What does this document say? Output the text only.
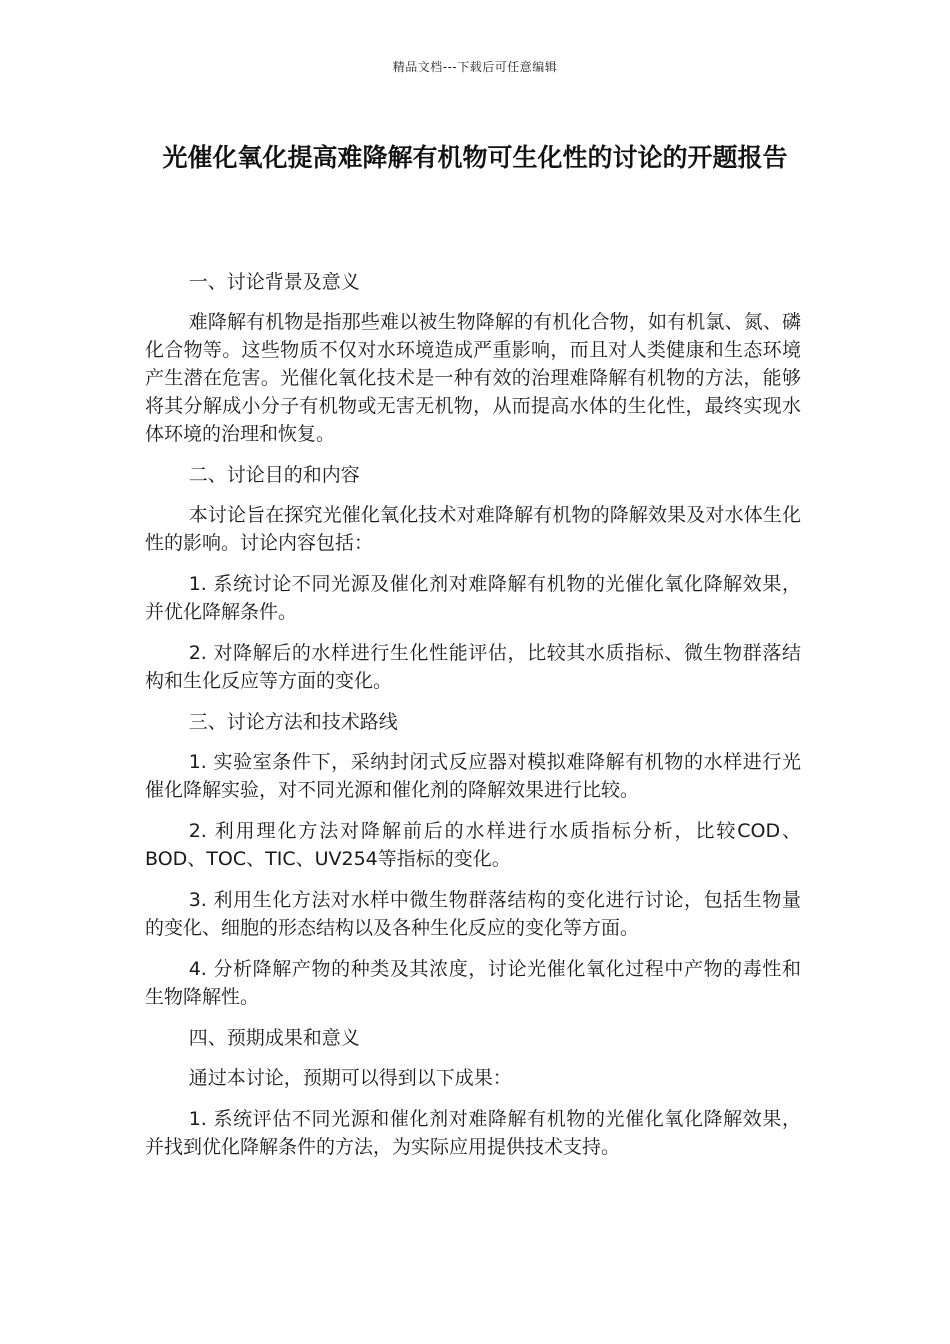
精品文档---下载后可任意编辑
光催化氧化提高难降解有机物可生化性的讨论的开题报告

一、讨论背景及意义

难降解有机物是指那些难以被生物降解的有机化合物，如有机氯、氮、磷化合物等。这些物质不仅对水环境造成严重影响，而且对人类健康和生态环境产生潜在危害。光催化氧化技术是一种有效的治理难降解有机物的方法，能够将其分解成小分子有机物或无害无机物，从而提高水体的生化性，最终实现水体环境的治理和恢复。

二、讨论目的和内容

本讨论旨在探究光催化氧化技术对难降解有机物的降解效果及对水体生化性的影响。讨论内容包括：

1. 系统讨论不同光源及催化剂对难降解有机物的光催化氧化降解效果，并优化降解条件。

2. 对降解后的水样进行生化性能评估，比较其水质指标、微生物群落结构和生化反应等方面的变化。

三、讨论方法和技术路线

1. 实验室条件下，采纳封闭式反应器对模拟难降解有机物的水样进行光催化降解实验，对不同光源和催化剂的降解效果进行比较。

2. 利用理化方法对降解前后的水样进行水质指标分析，比较COD、BOD、TOC、TIC、UV254等指标的变化。

3. 利用生化方法对水样中微生物群落结构的变化进行讨论，包括生物量的变化、细胞的形态结构以及各种生化反应的变化等方面。

4. 分析降解产物的种类及其浓度，讨论光催化氧化过程中产物的毒性和生物降解性。

四、预期成果和意义

通过本讨论，预期可以得到以下成果：

1. 系统评估不同光源和催化剂对难降解有机物的光催化氧化降解效果，并找到优化降解条件的方法，为实际应用提供技术支持。
